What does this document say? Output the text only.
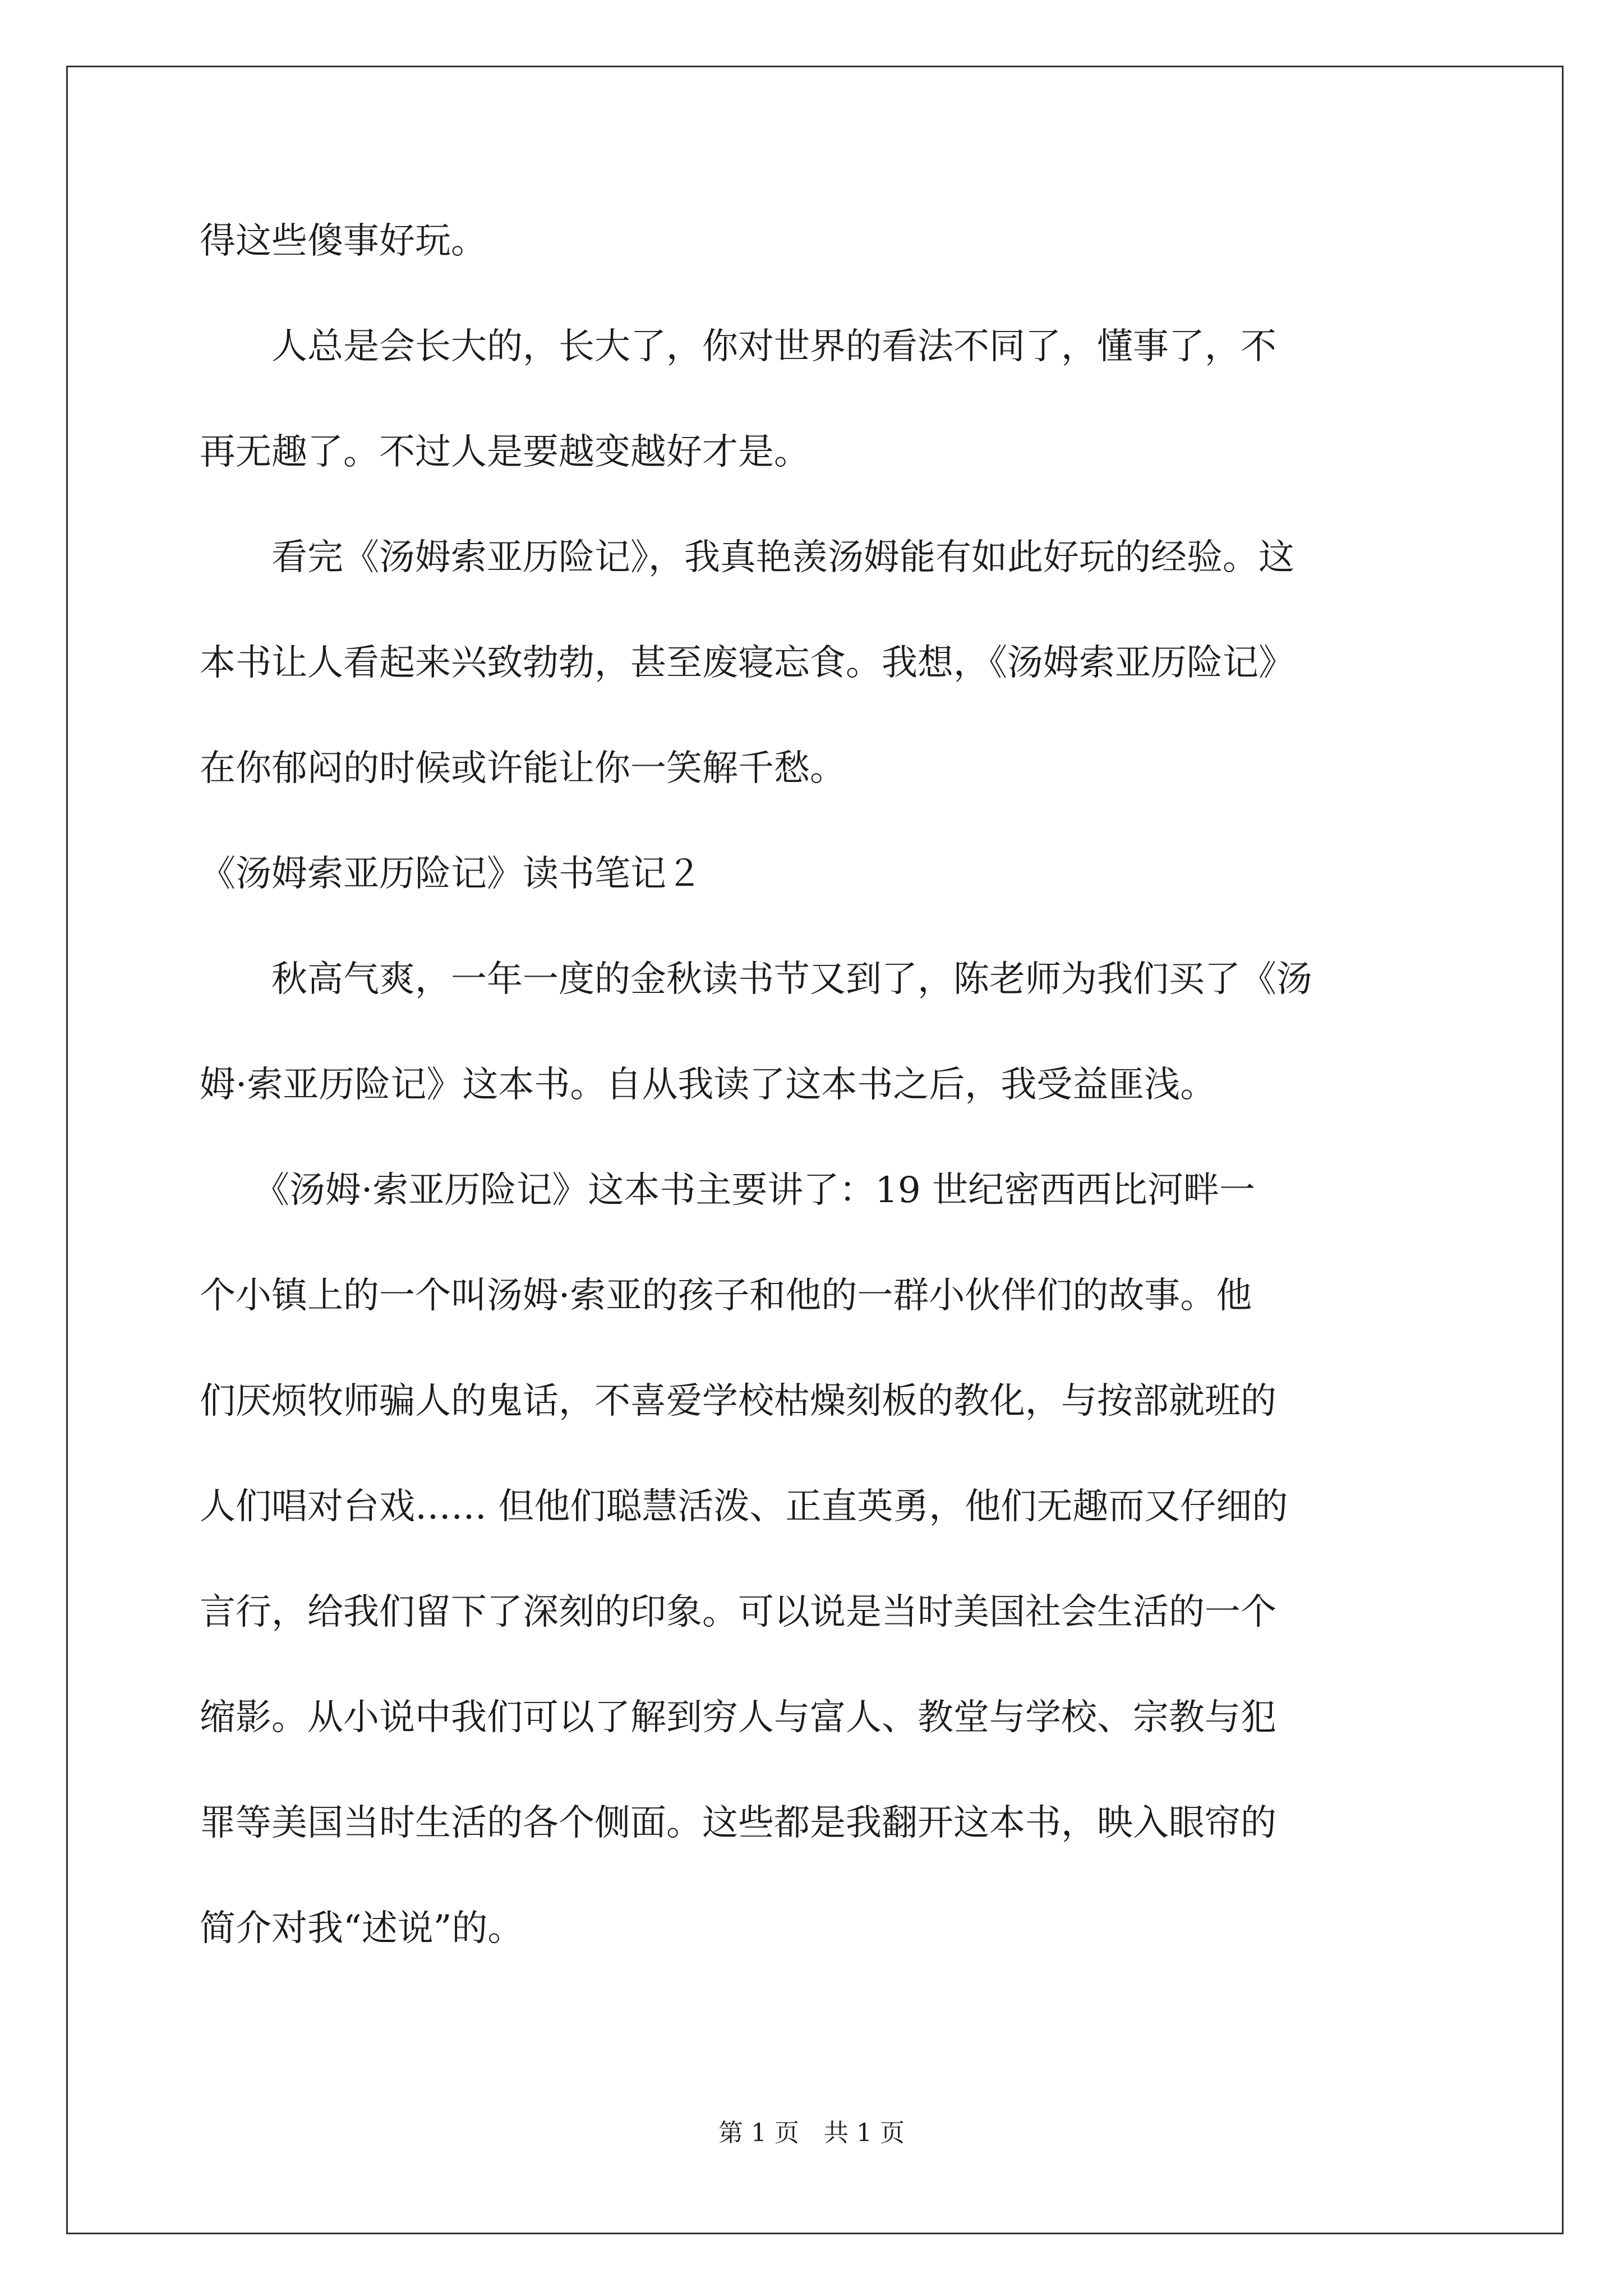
得这些傻事好玩。
　　人总是会长大的，长大了，你对世界的看法不同了，懂事了，不
再无趣了。不过人是要越变越好才是。
　　看完《汤姆索亚历险记》，我真艳羡汤姆能有如此好玩的经验。这
本书让人看起来兴致勃勃，甚至废寝忘食。我想，《汤姆索亚历险记》
在你郁闷的时候或许能让你一笑解千愁。
《汤姆索亚历险记》读书笔记２
　　秋高气爽，一年一度的金秋读书节又到了，陈老师为我们买了《汤
姆·索亚历险记》这本书。自从我读了这本书之后，我受益匪浅。
　　《汤姆·索亚历险记》这本书主要讲了：19 世纪密西西比河畔一
个小镇上的一个叫汤姆·索亚的孩子和他的一群小伙伴们的故事。他
们厌烦牧师骗人的鬼话，不喜爱学校枯燥刻板的教化，与按部就班的
人们唱对台戏…… 但他们聪慧活泼、正直英勇，他们无趣而又仔细的
言行，给我们留下了深刻的印象。可以说是当时美国社会生活的一个
缩影。从小说中我们可以了解到穷人与富人、教堂与学校、宗教与犯
罪等美国当时生活的各个侧面。这些都是我翻开这本书，映入眼帘的
简介对我“述说”的。
第 1 页　共 1 页
